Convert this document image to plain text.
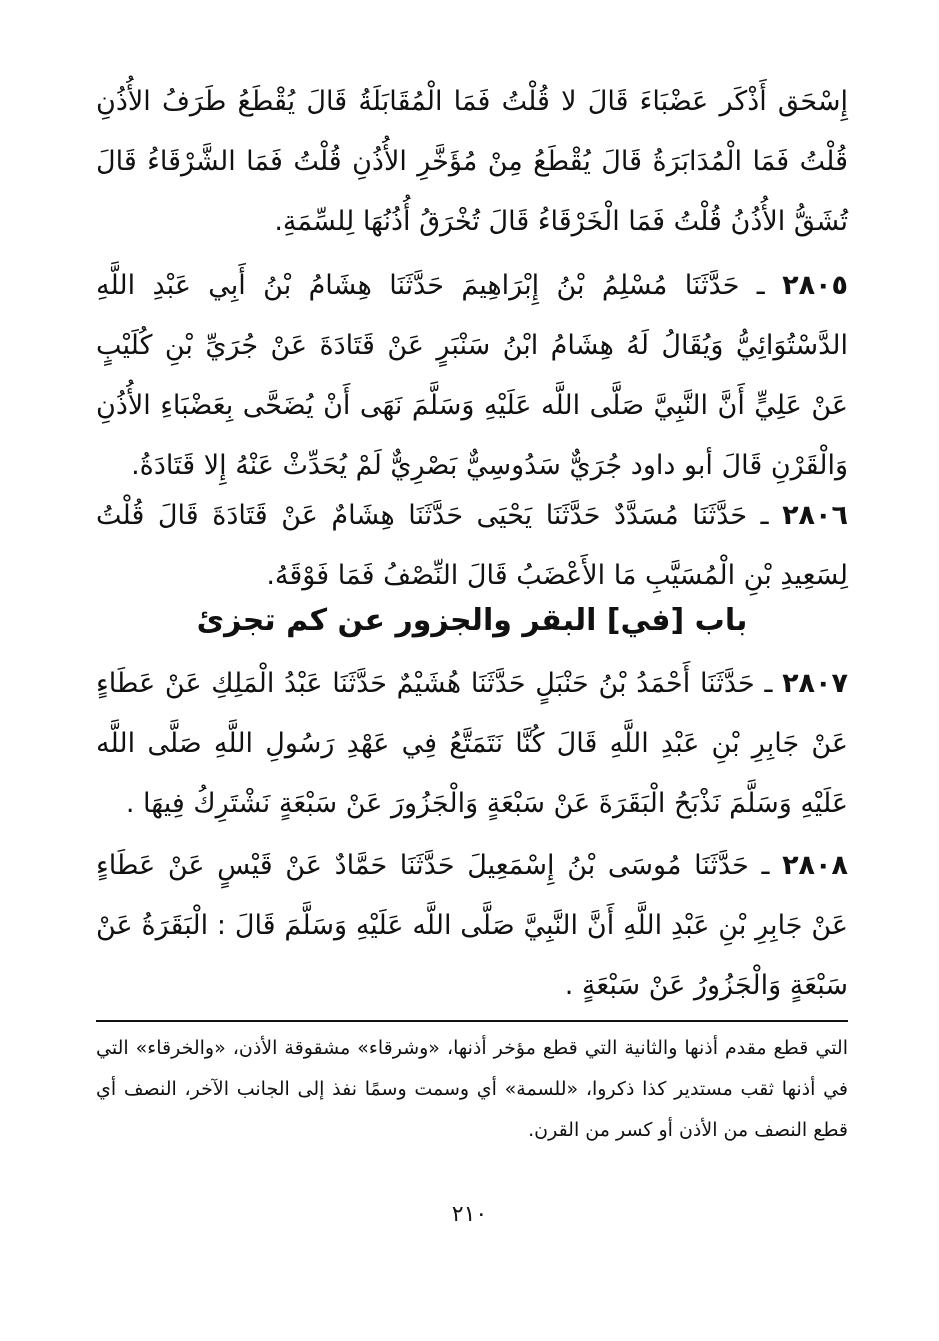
إِسْحَق أَذْكَر عَضْبَاءَ قَالَ لا قُلْتُ فَمَا الْمُقَابَلَةُ قَالَ يُقْطَعُ طَرَفُ الأُذُنِ قُلْتُ فَمَا الْمُدَابَرَةُ قَالَ يُقْطَعُ مِنْ مُؤَخَّرِ الأُذُنِ قُلْتُ فَمَا الشَّرْقَاءُ قَالَ تُشَقُّ الأُذُنُ قُلْتُ فَمَا الْخَرْقَاءُ قَالَ تُخْرَقُ أُذُنُهَا لِلسِّمَةِ.

٢٨٠٥ ـ حَدَّثَنَا مُسْلِمُ بْنُ إِبْرَاهِيمَ حَدَّثَنَا هِشَامُ بْنُ أَبِي عَبْدِ اللَّهِ الدَّسْتُوَائِيُّ وَيُقَالُ لَهُ هِشَامُ ابْنُ سَنْبَرٍ عَنْ قَتَادَةَ عَنْ جُرَيِّ بْنِ كُلَيْبٍ عَنْ عَلِيٍّ أَنَّ النَّبِيَّ صَلَّى اللَّه عَلَيْهِ وَسَلَّمَ نَهَى أَنْ يُضَحَّى بِعَضْبَاءِ الأُذُنِ وَالْقَرْنِ قَالَ أبو داود جُرَيٌّ سَدُوسِيٌّ بَصْرِيٌّ لَمْ يُحَدِّثْ عَنْهُ إِلا قَتَادَةُ.

٢٨٠٦ ـ حَدَّثَنَا مُسَدَّدٌ حَدَّثَنَا يَحْيَى حَدَّثَنَا هِشَامٌ عَنْ قَتَادَةَ قَالَ قُلْتُ لِسَعِيدِ بْنِ الْمُسَيَّبِ مَا الأَعْضَبُ قَالَ النِّصْفُ فَمَا فَوْقَهُ.

باب [في] البقر والجزور عن كم تجزئ

٢٨٠٧ ـ حَدَّثَنَا أَحْمَدُ بْنُ حَنْبَلٍ حَدَّثَنَا هُشَيْمٌ حَدَّثَنَا عَبْدُ الْمَلِكِ عَنْ عَطَاءٍ عَنْ جَابِرِ بْنِ عَبْدِ اللَّهِ قَالَ كُنَّا نَتَمَتَّعُ فِي عَهْدِ رَسُولِ اللَّهِ صَلَّى اللَّه عَلَيْهِ وَسَلَّمَ نَذْبَحُ الْبَقَرَةَ عَنْ سَبْعَةٍ وَالْجَزُورَ عَنْ سَبْعَةٍ نَشْتَرِكُ فِيهَا .

٢٨٠٨ ـ حَدَّثَنَا مُوسَى بْنُ إِسْمَعِيلَ حَدَّثَنَا حَمَّادٌ عَنْ قَيْسٍ عَنْ عَطَاءٍ عَنْ جَابِرِ بْنِ عَبْدِ اللَّهِ أَنَّ النَّبِيَّ صَلَّى اللَّه عَلَيْهِ وَسَلَّمَ قَالَ : الْبَقَرَةُ عَنْ سَبْعَةٍ وَالْجَزُورُ عَنْ سَبْعَةٍ .

التي قطع مقدم أذنها والثانية التي قطع مؤخر أذنها، «وشرقاء» مشقوقة الأذن، «والخرقاء» التي في أذنها ثقب مستدير كذا ذكروا، «للسمة» أي وسمت وسمًا نفذ إلى الجانب الآخر، النصف أي قطع النصف من الأذن أو كسر من القرن.

٢١٠
